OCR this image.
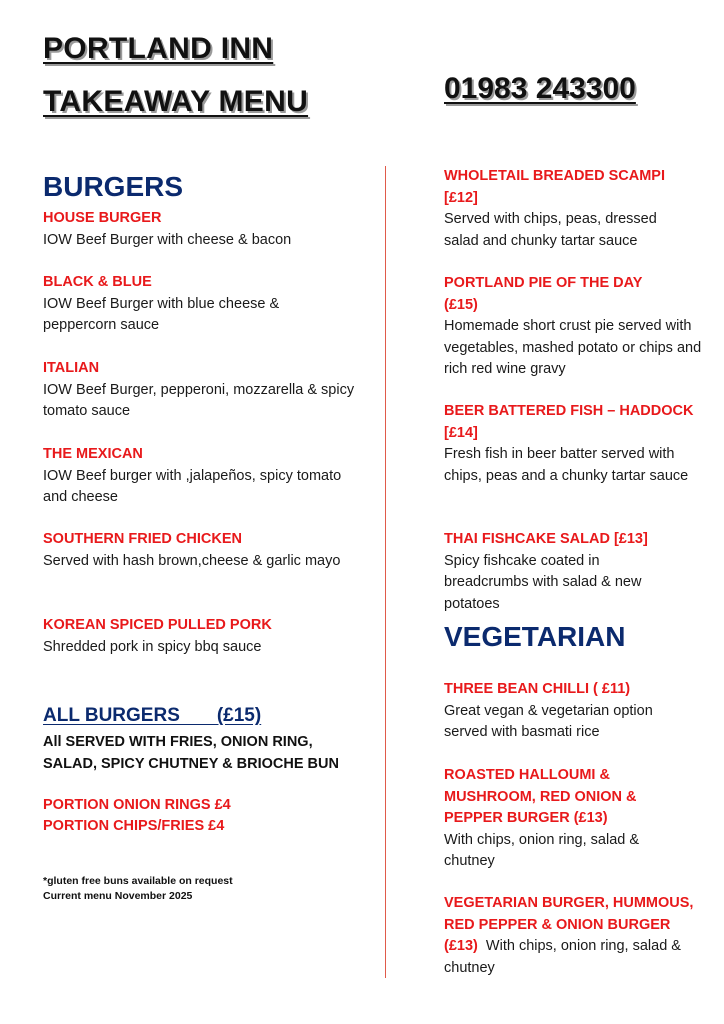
PORTLAND INN
TAKEAWAY MENU	01983 243300
BURGERS
HOUSE BURGER
IOW Beef Burger with cheese & bacon
BLACK & BLUE
IOW Beef Burger with blue cheese & peppercorn sauce
ITALIAN
IOW Beef Burger, pepperoni, mozzarella & spicy tomato sauce
THE MEXICAN
IOW Beef burger with ,jalapeños, spicy tomato and cheese
SOUTHERN FRIED CHICKEN
Served with hash brown,cheese & garlic mayo
KOREAN SPICED PULLED PORK
Shredded pork in spicy bbq sauce
ALL BURGERS       (£15)
All SERVED WITH FRIES, ONION RING, SALAD, SPICY CHUTNEY & BRIOCHE BUN
PORTION ONION RINGS £4
PORTION CHIPS/FRIES £4
*gluten free buns available on request
Current menu November 2025
WHOLETAIL BREADED SCAMPI [£12]
Served with chips, peas, dressed salad and chunky tartar sauce
PORTLAND PIE OF THE DAY (£15)
Homemade short crust pie served with vegetables, mashed potato or chips and rich red wine gravy
BEER BATTERED FISH – HADDOCK [£14]
Fresh fish in beer batter served with chips, peas and a chunky tartar sauce
THAI FISHCAKE SALAD [£13]
Spicy fishcake coated in breadcrumbs with salad & new potatoes
VEGETARIAN
THREE BEAN CHILLI ( £11)
Great vegan & vegetarian option served with basmati rice
ROASTED HALLOUMI & MUSHROOM, RED ONION & PEPPER BURGER (£13)
With chips, onion ring, salad & chutney
VEGETARIAN BURGER, HUMMOUS, RED PEPPER & ONION BURGER (£13) With chips, onion ring, salad & chutney
